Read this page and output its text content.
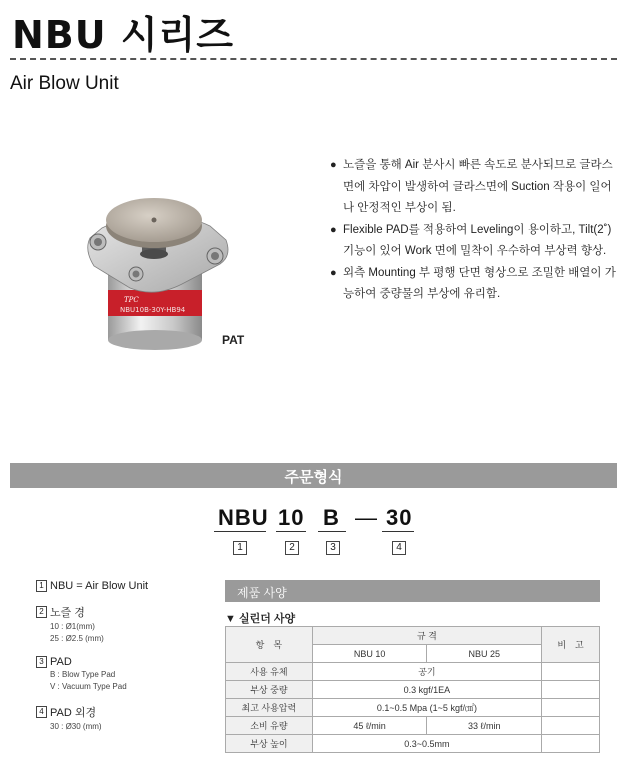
NBU 시리즈
Air Blow Unit
NBU10B-30Y-HB94
TPC
PAT

● 노즐을 통해 Air 분사시 빠른 속도로 분사되므로 글라스면에 차압이 발생하여 글라스면에 Suction 작용이 일어나 안정적인 부상이 됨.

● Flexible PAD를 적용하여 Leveling이 용이하고, Tilt(2˚) 기능이 있어 Work 면에 밀착이 우수하여 부상력 향상.

● 외측 Mounting 부 평행 단면 형상으로 조밀한 배열이 가능하여 중량물의 부상에 유리함.

주문형식
NBU 10 B — 30
1	2	3	4
1 NBU = Air Blow Unit
2 노즐 경
10 : Ø1(mm)
25 : Ø2.5 (mm)
3 PAD
B : Blow Type Pad
V : Vacuum Type Pad
4 PAD 외경
30 : Ø30 (mm)
제품 사양
▼ 실린더 사양
항　목	규 격		비　고
	NBU 10	NBU 25	
사용 유체	공기		
부상 중량	0.3 kgf/1EA		
최고 사용압력	0.1~0.5 Mpa (1~5 kgf/㎠)		
소비 유량	45 ℓ/min	33 ℓ/min	
부상 높이	0.3~0.5mm		
